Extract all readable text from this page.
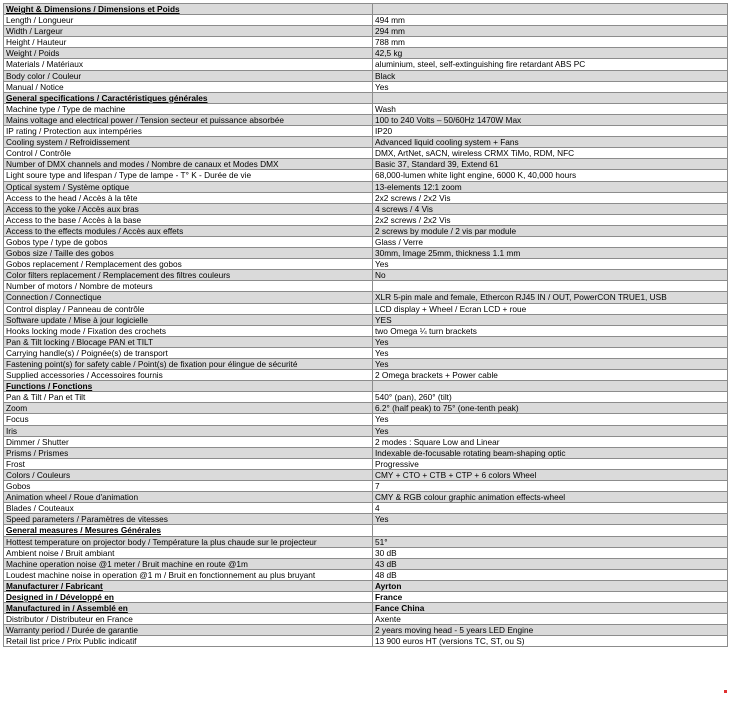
Weight & Dimensions / Dimensions et Poids	
Length / Longueur	494 mm
Width / Largeur	294 mm
Height / Hauteur	788 mm
Weight / Poids	42,5 kg
Materials / Matériaux	aluminium, steel, self-extinguishing fire retardant ABS PC
Body color / Couleur	Black
Manual / Notice	Yes
General specifications / Caractéristiques générales	
Machine type / Type de machine	Wash
Mains voltage and electrical power / Tension secteur et puissance absorbée	100 to 240 Volts – 50/60Hz 1470W Max
IP rating / Protection aux intempéries	IP20
Cooling system / Refroidissement	Advanced liquid cooling system + Fans
Control / Contrôle	DMX, ArtNet, sACN, wireless CRMX TiMo, RDM, NFC
Number of DMX channels and modes / Nombre de canaux et Modes DMX	Basic 37, Standard 39, Extend 61
Light soure type and lifespan / Type de lampe - T° K - Durée de vie	68,000-lumen white light engine, 6000 K, 40,000 hours
Optical system / Système optique	13-elements 12:1 zoom
Access to the head / Accès à la tête	2x2 screws / 2x2 Vis
Access to the yoke / Accès aux bras	4 screws / 4 Vis
Access to the base / Accès à la base	2x2 screws / 2x2 Vis
Access to the effects modules / Accès aux effets	2 screws by module / 2 vis par module
Gobos type / type de gobos	Glass / Verre
Gobos size / Taille des gobos	30mm, Image 25mm, thickness 1.1 mm
Gobos replacement / Remplacement des gobos	Yes
Color filters replacement / Remplacement des filtres couleurs	No
Number of motors / Nombre de moteurs	
Connection / Connectique	XLR 5-pin male and female, Ethercon RJ45 IN / OUT, PowerCON TRUE1, USB
Control display / Panneau de contrôle	LCD display + Wheel / Ecran LCD + roue
Software update / Mise à jour logicielle	YES
Hooks locking mode / Fixation des crochets	two Omega ¼ turn brackets
Pan & Tilt locking / Blocage PAN et TILT	Yes
Carrying handle(s) / Poignée(s) de transport	Yes
Fastening point(s) for safety cable / Point(s) de fixation pour élingue de sécurité	Yes
Supplied accessories / Accessoires fournis	2 Omega brackets + Power cable
Functions / Fonctions	
Pan & Tilt / Pan et Tilt	540° (pan), 260° (tilt)
Zoom	6.2° (half peak) to 75° (one-tenth peak)
Focus	Yes
Iris	Yes
Dimmer / Shutter	2 modes : Square Low and Linear
Prisms / Prismes	Indexable de-focusable rotating beam-shaping optic
Frost	Progressive
Colors / Couleurs	CMY + CTO + CTB + CTP + 6 colors Wheel
Gobos	7
Animation wheel / Roue d'animation	CMY & RGB colour graphic animation effects-wheel
Blades / Couteaux	4
Speed parameters / Paramètres de vitesses	Yes
General measures / Mesures Générales	
Hottest temperature on projector body / Température la plus chaude sur le projecteur	51°
Ambient noise / Bruit ambiant	30 dB
Machine operation noise @1 meter / Bruit machine en route @1m	43 dB
Loudest machine noise in operation @1 m / Bruit en fonctionnement au plus bruyant	48 dB
Manufacturer / Fabricant	Ayrton
Designed in / Développé en	France
Manufactured in / Assemblé en	Fance China
Distributor / Distributeur en France	Axente
Warranty period / Durée de garantie	2 years moving head - 5 years LED Engine
Retail list price / Prix Public indicatif	13 900 euros HT (versions TC, ST, ou S)
